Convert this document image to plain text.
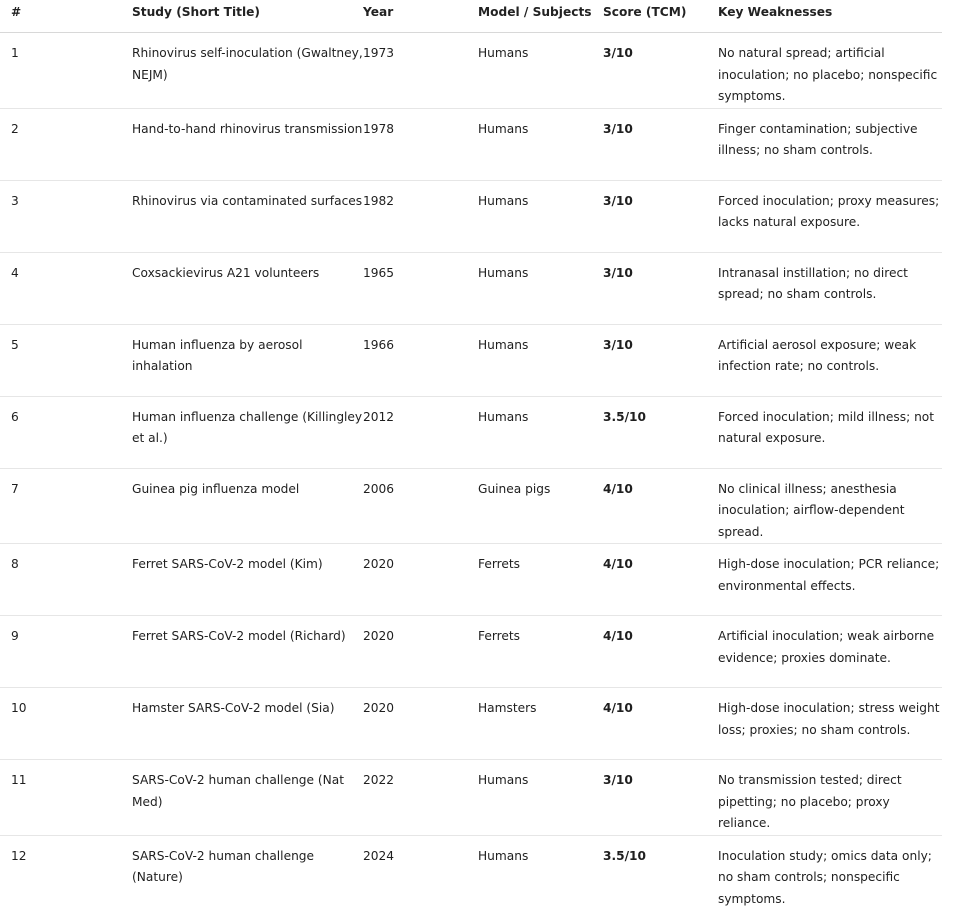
#	Study (Short Title)	Year	Model / Subjects	Score (TCM)	Key Weaknesses
1	Rhinovirus self-inoculation (Gwaltney, NEJM)	1973	Humans	3/10	No natural spread; artificial inoculation; no placebo; nonspecific symptoms.
2	Hand-to-hand rhinovirus transmission	1978	Humans	3/10	Finger contamination; subjective illness; no sham controls.
3	Rhinovirus via contaminated surfaces	1982	Humans	3/10	Forced inoculation; proxy measures; lacks natural exposure.
4	Coxsackievirus A21 volunteers	1965	Humans	3/10	Intranasal instillation; no direct spread; no sham controls.
5	Human influenza by aerosol inhalation	1966	Humans	3/10	Artificial aerosol exposure; weak infection rate; no controls.
6	Human influenza challenge (Killingley et al.)	2012	Humans	3.5/10	Forced inoculation; mild illness; not natural exposure.
7	Guinea pig influenza model	2006	Guinea pigs	4/10	No clinical illness; anesthesia inoculation; airflow-dependent spread.
8	Ferret SARS-CoV-2 model (Kim)	2020	Ferrets	4/10	High-dose inoculation; PCR reliance; environmental effects.
9	Ferret SARS-CoV-2 model (Richard)	2020	Ferrets	4/10	Artificial inoculation; weak airborne evidence; proxies dominate.
10	Hamster SARS-CoV-2 model (Sia)	2020	Hamsters	4/10	High-dose inoculation; stress weight loss; proxies; no sham controls.
11	SARS-CoV-2 human challenge (Nat Med)	2022	Humans	3/10	No transmission tested; direct pipetting; no placebo; proxy reliance.
12	SARS-CoV-2 human challenge (Nature)	2024	Humans	3.5/10	Inoculation study; omics data only; no sham controls; nonspecific symptoms.
